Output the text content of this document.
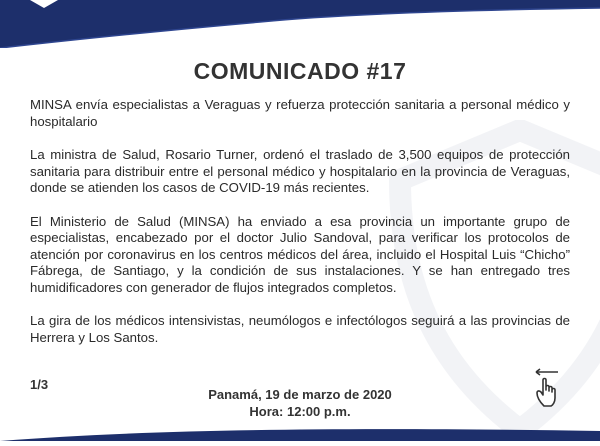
COMUNICADO #17

MINSA envía especialistas a Veraguas y refuerza protección sanitaria a personal médico y hospitalario

La ministra de Salud, Rosario Turner, ordenó el traslado de 3,500 equipos de protección sanitaria para distribuir entre el personal médico y hospitalario en la provincia de Veraguas, donde se atienden los casos de COVID-19 más recientes.

El Ministerio de Salud (MINSA) ha enviado a esa provincia un importante grupo de especialistas, encabezado por el doctor Julio Sandoval, para verificar los protocolos de atención por coronavirus en los centros médicos del área, incluido el Hospital Luis “Chicho” Fábrega, de Santiago, y la condición de sus instalaciones. Y se han entregado tres humidificadores con generador de flujos integrados completos.

La gira de los médicos intensivistas, neumólogos e infectólogos seguirá a las provincias de Herrera y Los Santos.

1/3
Panamá, 19 de marzo de 2020
Hora: 12:00 p.m.
